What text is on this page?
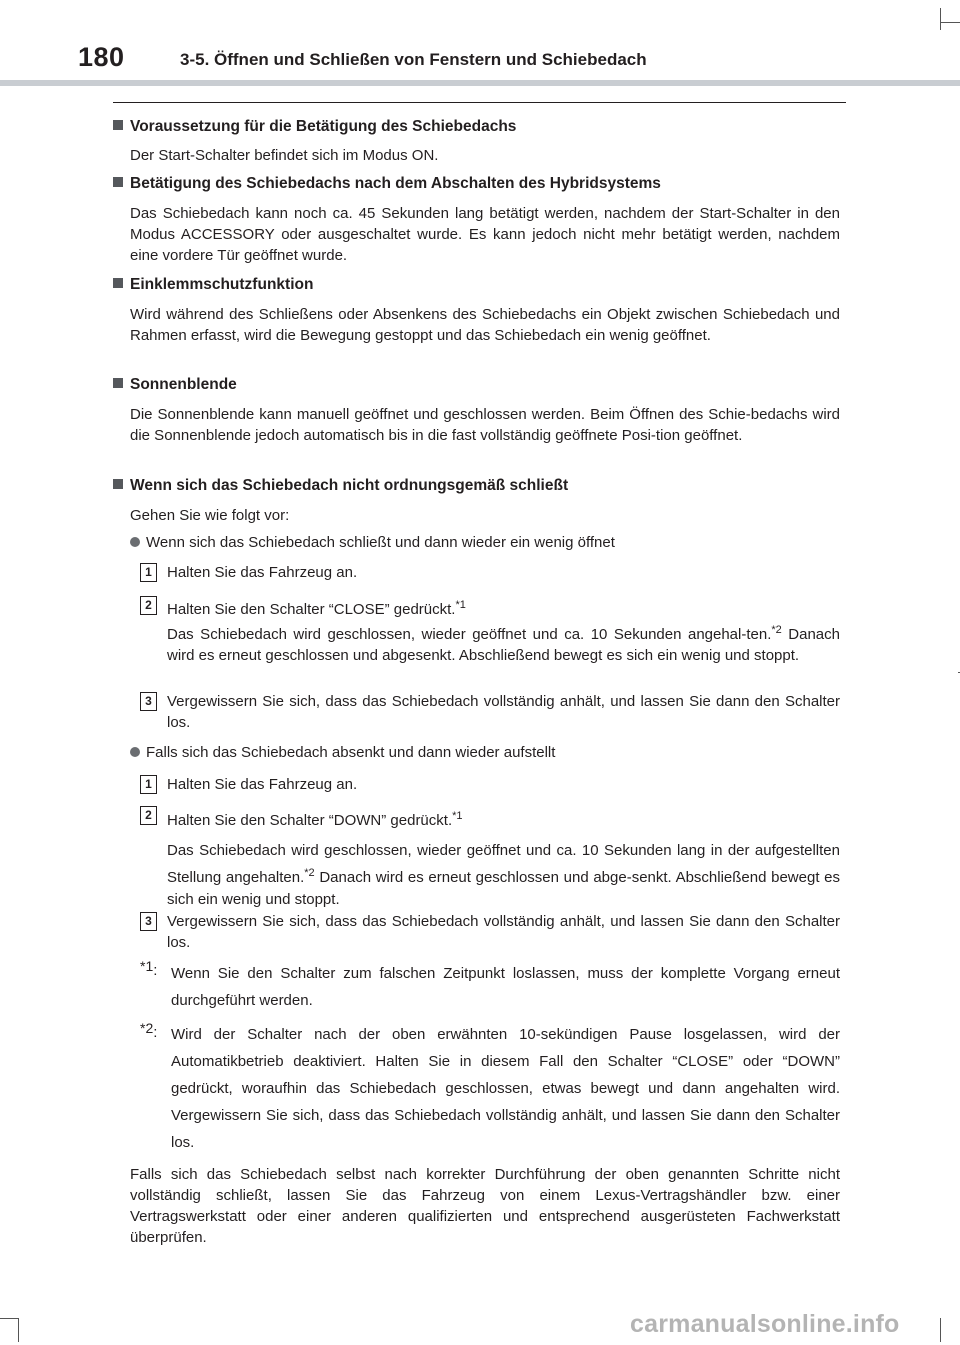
180	3-5. Öffnen und Schließen von Fenstern und Schiebedach
Voraussetzung für die Betätigung des Schiebedachs
Der Start-Schalter befindet sich im Modus ON.
Betätigung des Schiebedachs nach dem Abschalten des Hybridsystems
Das Schiebedach kann noch ca. 45 Sekunden lang betätigt werden, nachdem der Start-Schalter in den Modus ACCESSORY oder ausgeschaltet wurde. Es kann jedoch nicht mehr betätigt werden, nachdem eine vordere Tür geöffnet wurde.
Einklemmschutzfunktion
Wird während des Schließens oder Absenkens des Schiebedachs ein Objekt zwischen Schiebedach und Rahmen erfasst, wird die Bewegung gestoppt und das Schiebedach ein wenig geöffnet.
Sonnenblende
Die Sonnenblende kann manuell geöffnet und geschlossen werden. Beim Öffnen des Schie-bedachs wird die Sonnenblende jedoch automatisch bis in die fast vollständig geöffnete Posi-tion geöffnet.
Wenn sich das Schiebedach nicht ordnungsgemäß schließt
Gehen Sie wie folgt vor:
Wenn sich das Schiebedach schließt und dann wieder ein wenig öffnet
1	Halten Sie das Fahrzeug an.
2	Halten Sie den Schalter “CLOSE” gedrückt.$^{*1}$
Das Schiebedach wird geschlossen, wieder geöffnet und ca. 10 Sekunden angehal-ten.$^{*2}$ Danach wird es erneut geschlossen und abgesenkt. Abschließend bewegt es sich ein wenig und stoppt.
3	Vergewissern Sie sich, dass das Schiebedach vollständig anhält, und lassen Sie dann den Schalter los.
Falls sich das Schiebedach absenkt und dann wieder aufstellt
1	Halten Sie das Fahrzeug an.
2	Halten Sie den Schalter “DOWN” gedrückt.$^{*1}$

Das Schiebedach wird geschlossen, wieder geöffnet und ca. 10 Sekunden lang in der aufgestellten Stellung angehalten.$^{*2}$ Danach wird es erneut geschlossen und abge-senkt. Abschließend bewegt es sich ein wenig und stoppt.
3	Vergewissern Sie sich, dass das Schiebedach vollständig anhält, und lassen Sie dann den Schalter los.
*1: Wenn Sie den Schalter zum falschen Zeitpunkt loslassen, muss der komplette Vorgang erneut durchgeführt werden.
*2: Wird der Schalter nach der oben erwähnten 10-sekündigen Pause losgelassen, wird der Automatikbetrieb deaktiviert. Halten Sie in diesem Fall den Schalter “CLOSE” oder “DOWN” gedrückt, woraufhin das Schiebedach geschlossen, etwas bewegt und dann angehalten wird. Vergewissern Sie sich, dass das Schiebedach vollständig anhält, und lassen Sie dann den Schalter los.
Falls sich das Schiebedach selbst nach korrekter Durchführung der oben genannten Schritte nicht vollständig schließt, lassen Sie das Fahrzeug von einem Lexus-Vertragshändler bzw. einer Vertragswerkstatt oder einer anderen qualifizierten und entsprechend ausgerüsteten Fachwerkstatt überprüfen.
carmanualsonline.info
